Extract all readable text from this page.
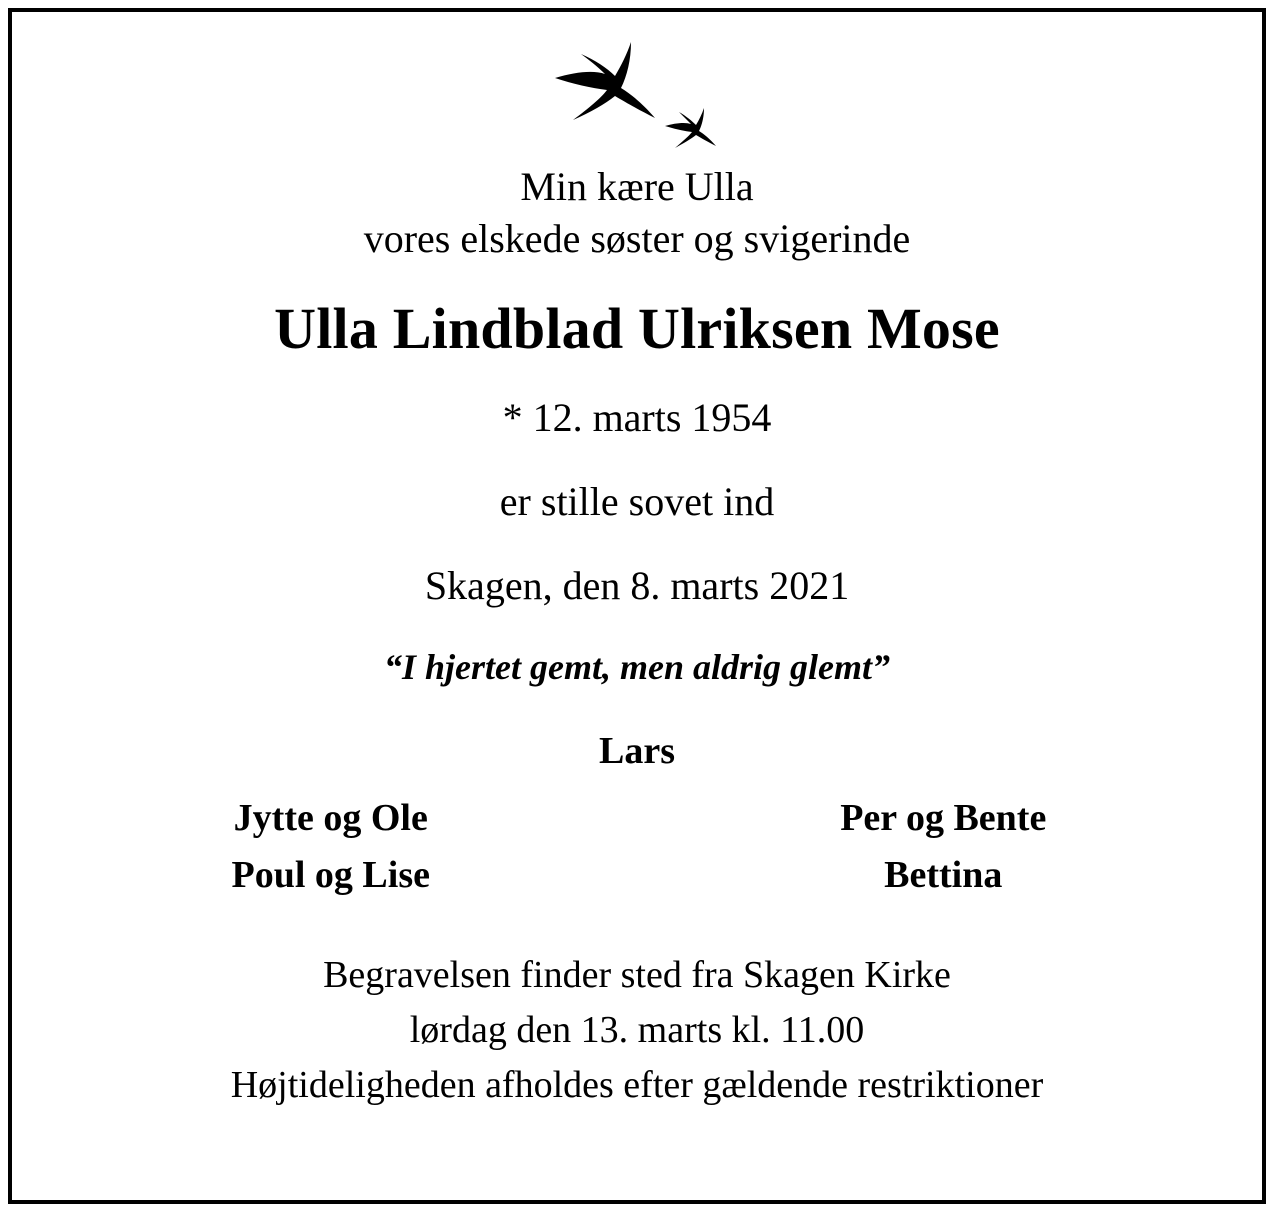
Min kære Ulla
vores elskede søster og svigerinde
Ulla Lindblad Ulriksen Mose
* 12. marts 1954
er stille sovet ind
Skagen, den 8. marts 2021
“I hjertet gemt, men aldrig glemt”
Lars
Jytte og Ole
Poul og Lise
Per og Bente
Bettina
Begravelsen finder sted fra Skagen Kirke
lørdag den 13. marts kl. 11.00
Højtideligheden afholdes efter gældende restriktioner
